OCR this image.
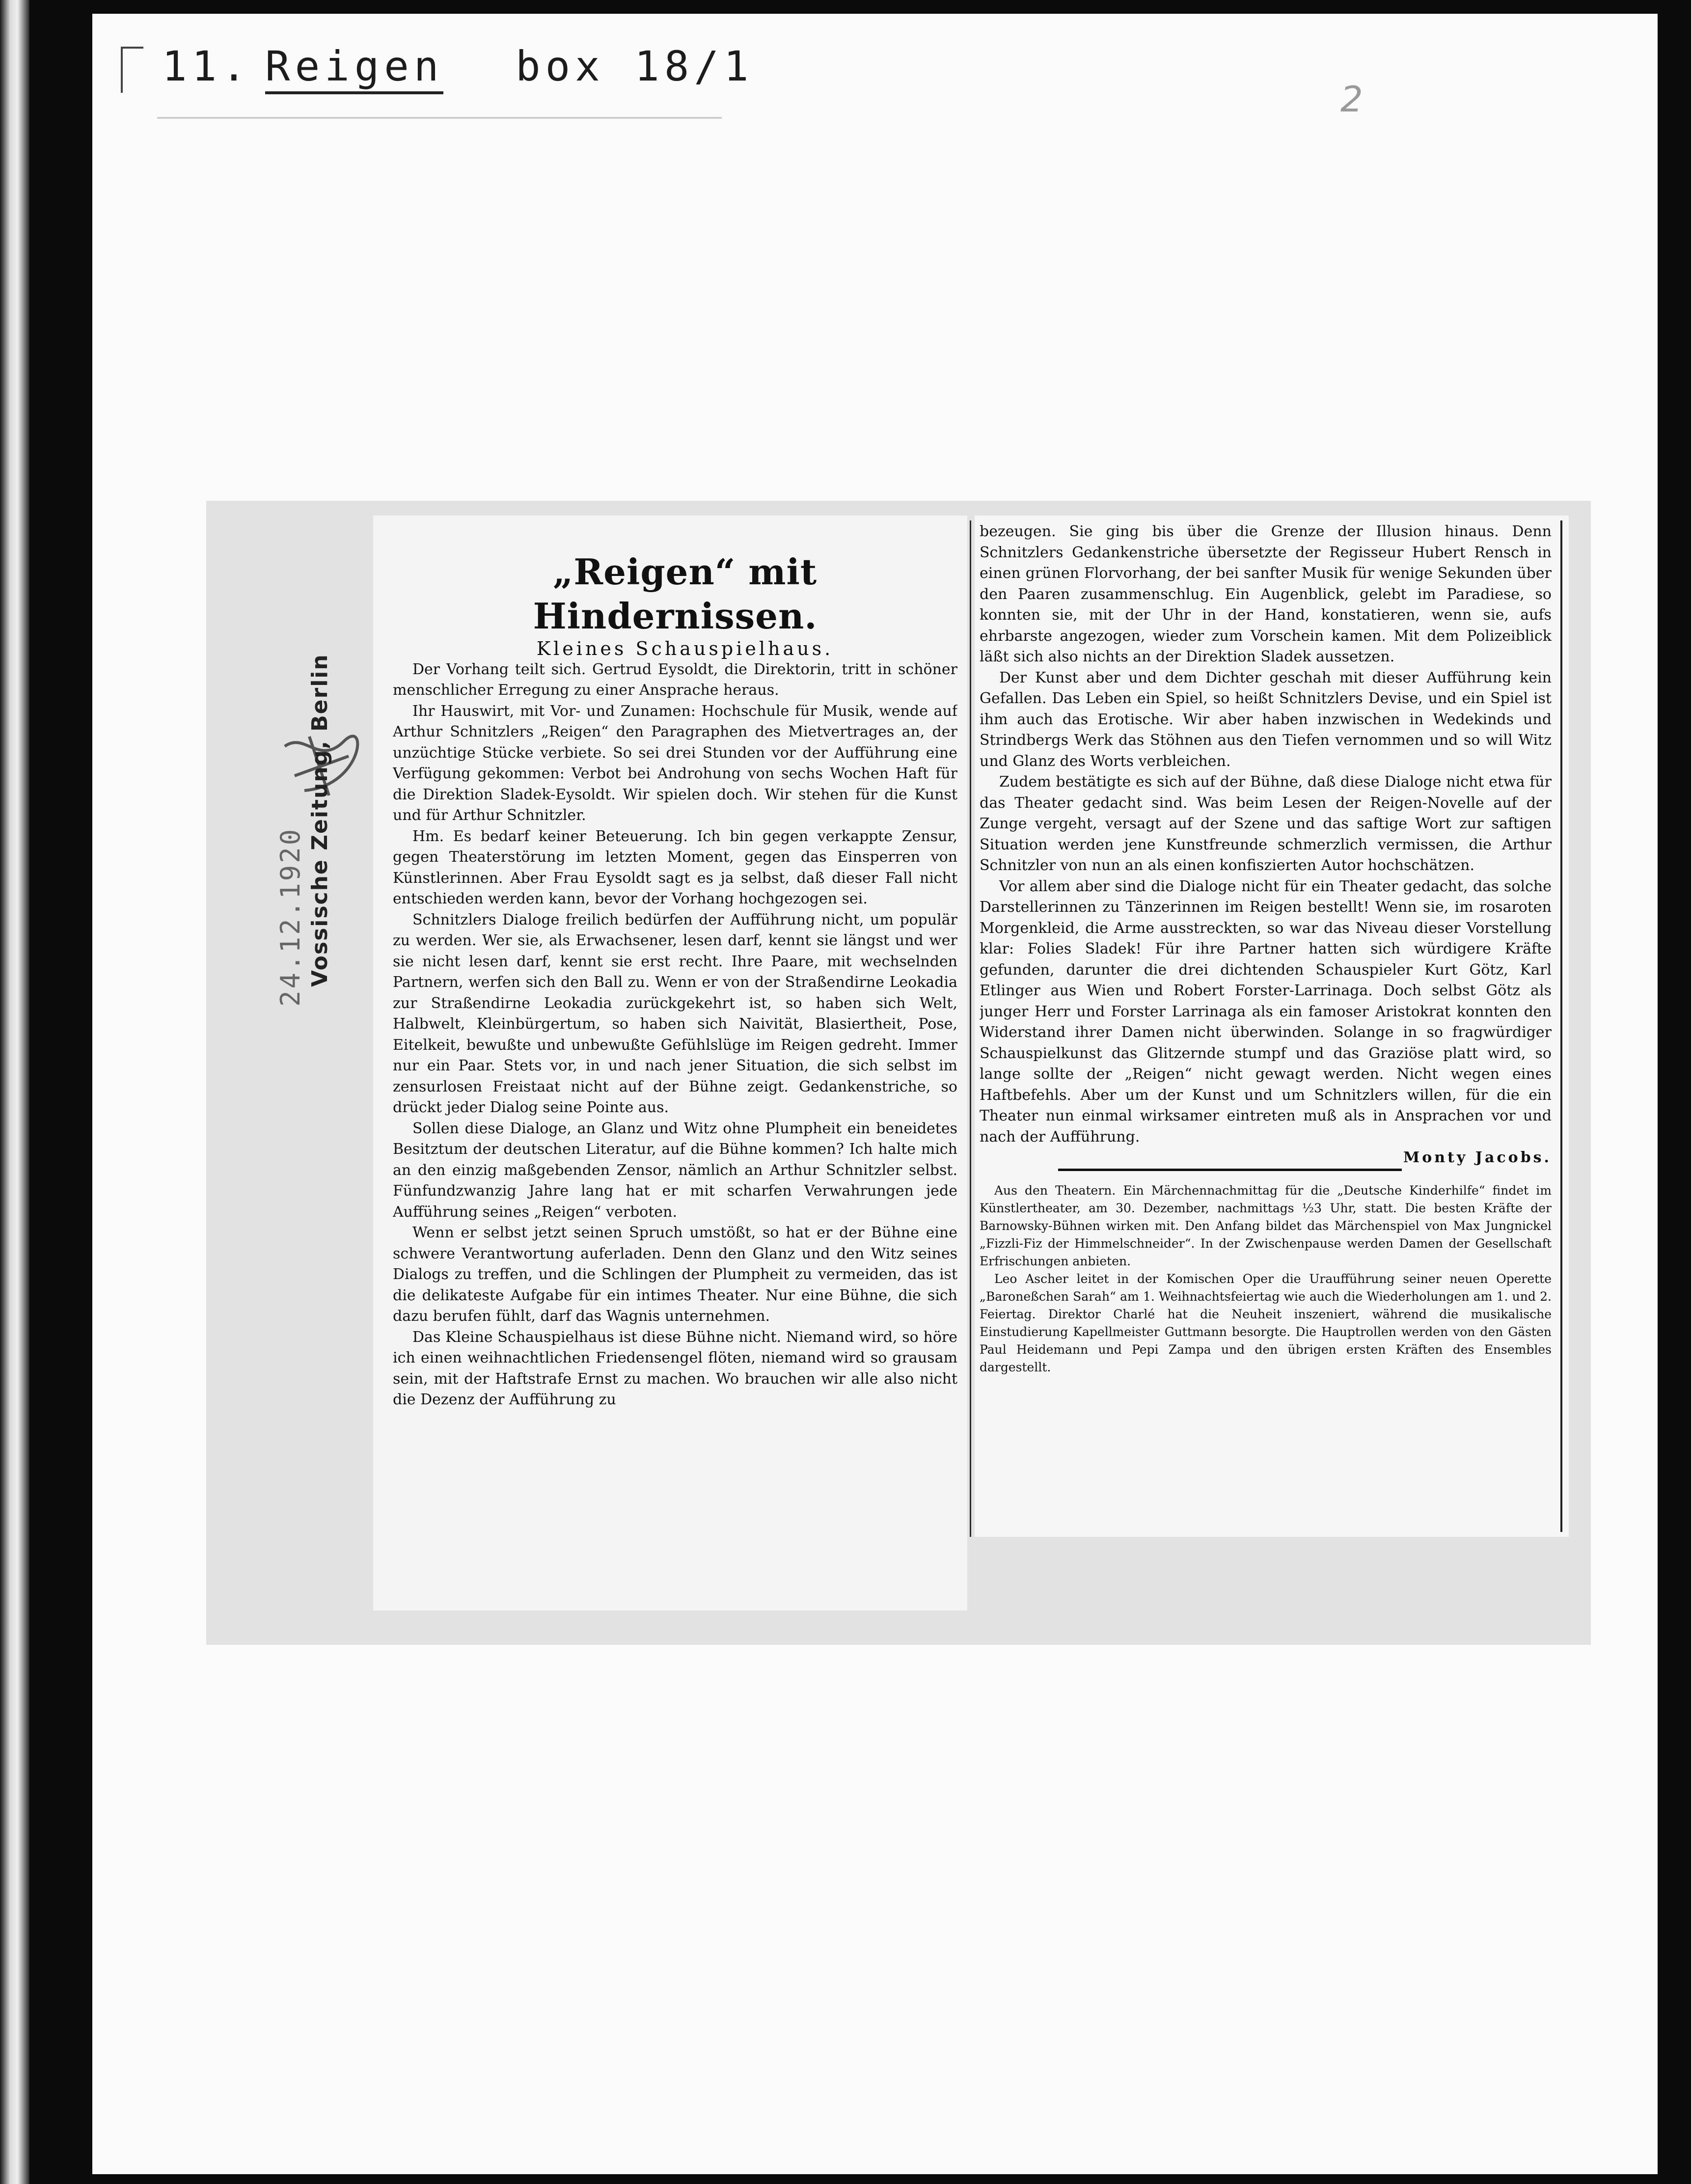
11. Reigen box 18/1
2
24.12.1920 Vossische Zeitung, Berlin

„Reigen“ mit Hindernissen.

Kleines Schauspielhaus.

Der Vorhang teilt sich. Gertrud Eysoldt, die Direktorin, tritt in schöner menschlicher Erregung zu einer Ansprache heraus.

Ihr Hauswirt, mit Vor- und Zunamen: Hochschule für Musik, wende auf Arthur Schnitzlers „Reigen“ den Paragraphen des Mietvertrages an, der unzüchtige Stücke verbiete. So sei drei Stunden vor der Aufführung eine Verfügung gekommen: Verbot bei Androhung von sechs Wochen Haft für die Direktion Sladek-Eysoldt. Wir spielen doch. Wir stehen für die Kunst und für Arthur Schnitzler.

Hm. Es bedarf keiner Beteuerung. Ich bin gegen verkappte Zensur, gegen Theaterstörung im letzten Moment, gegen das Einsperren von Künstlerinnen. Aber Frau Eysoldt sagt es ja selbst, daß dieser Fall nicht entschieden werden kann, bevor der Vorhang hochgezogen sei.

Schnitzlers Dialoge freilich bedürfen der Aufführung nicht, um populär zu werden. Wer sie, als Erwachsener, lesen darf, kennt sie längst und wer sie nicht lesen darf, kennt sie erst recht. Ihre Paare, mit wechselnden Partnern, werfen sich den Ball zu. Wenn er von der Straßendirne Leokadia zur Straßendirne Leokadia zurückgekehrt ist, so haben sich Welt, Halbwelt, Kleinbürgertum, so haben sich Naivität, Blasiertheit, Pose, Eitelkeit, bewußte und unbewußte Gefühlslüge im Reigen gedreht. Immer nur ein Paar. Stets vor, in und nach jener Situation, die sich selbst im zensurlosen Freistaat nicht auf der Bühne zeigt. Gedankenstriche, so drückt jeder Dialog seine Pointe aus.

Sollen diese Dialoge, an Glanz und Witz ohne Plumpheit ein beneidetes Besitztum der deutschen Literatur, auf die Bühne kommen? Ich halte mich an den einzig maßgebenden Zensor, nämlich an Arthur Schnitzler selbst. Fünfundzwanzig Jahre lang hat er mit scharfen Verwahrungen jede Aufführung seines „Reigen“ verboten.

Wenn er selbst jetzt seinen Spruch umstößt, so hat er der Bühne eine schwere Verantwortung auferladen. Denn den Glanz und den Witz seines Dialogs zu treffen, und die Schlingen der Plumpheit zu vermeiden, das ist die delikateste Aufgabe für ein intimes Theater. Nur eine Bühne, die sich dazu berufen fühlt, darf das Wagnis unternehmen.

Das Kleine Schauspielhaus ist diese Bühne nicht. Niemand wird, so höre ich einen weihnachtlichen Friedensengel flöten, niemand wird so grausam sein, mit der Haftstrafe Ernst zu machen. Wo brauchen wir alle also nicht die Dezenz der Aufführung zu

bezeugen. Sie ging bis über die Grenze der Illusion hinaus. Denn Schnitzlers Gedankenstriche übersetzte der Regisseur Hubert Rensch in einen grünen Florvorhang, der bei sanfter Musik für wenige Sekunden über den Paaren zusammenschlug. Ein Augenblick, gelebt im Paradiese, so konnten sie, mit der Uhr in der Hand, konstatieren, wenn sie, aufs ehrbarste angezogen, wieder zum Vorschein kamen. Mit dem Polizeiblick läßt sich also nichts an der Direktion Sladek aussetzen.

Der Kunst aber und dem Dichter geschah mit dieser Aufführung kein Gefallen. Das Leben ein Spiel, so heißt Schnitzlers Devise, und ein Spiel ist ihm auch das Erotische. Wir aber haben inzwischen in Wedekinds und Strindbergs Werk das Stöhnen aus den Tiefen vernommen und so will Witz und Glanz des Worts verbleichen.

Zudem bestätigte es sich auf der Bühne, daß diese Dialoge nicht etwa für das Theater gedacht sind. Was beim Lesen der Reigen-Novelle auf der Zunge vergeht, versagt auf der Szene und das saftige Wort zur saftigen Situation werden jene Kunstfreunde schmerzlich vermissen, die Arthur Schnitzler von nun an als einen konfiszierten Autor hochschätzen.

Vor allem aber sind die Dialoge nicht für ein Theater gedacht, das solche Darstellerinnen zu Tänzerinnen im Reigen bestellt! Wenn sie, im rosaroten Morgenkleid, die Arme ausstreckten, so war das Niveau dieser Vorstellung klar: Folies Sladek! Für ihre Partner hatten sich würdigere Kräfte gefunden, darunter die drei dichtenden Schauspieler Kurt Götz, Karl Etlinger aus Wien und Robert Forster-Larrinaga. Doch selbst Götz als junger Herr und Forster Larrinaga als ein famoser Aristokrat konnten den Widerstand ihrer Damen nicht überwinden. Solange in so fragwürdiger Schauspielkunst das Glitzernde stumpf und das Graziöse platt wird, so lange sollte der „Reigen“ nicht gewagt werden. Nicht wegen eines Haftbefehls. Aber um der Kunst und um Schnitzlers willen, für die ein Theater nun einmal wirksamer eintreten muß als in Ansprachen vor und nach der Aufführung.

Monty Jacobs.

Aus den Theatern. Ein Märchennachmittag für die „Deutsche Kinderhilfe“ findet im Künstlertheater, am 30. Dezember, nachmittags ½3 Uhr, statt. Die besten Kräfte der Barnowsky-Bühnen wirken mit. Den Anfang bildet das Märchenspiel von Max Jungnickel „Fizzli-Fiz der Himmelschneider“. In der Zwischenpause werden Damen der Gesellschaft Erfrischungen anbieten.

Leo Ascher leitet in der Komischen Oper die Uraufführung seiner neuen Operette „Baroneßchen Sarah“ am 1. Weihnachtsfeiertag wie auch die Wiederholungen am 1. und 2. Feiertag. Direktor Charlé hat die Neuheit inszeniert, während die musikalische Einstudierung Kapellmeister Guttmann besorgte. Die Hauptrollen werden von den Gästen Paul Heidemann und Pepi Zampa und den übrigen ersten Kräften des Ensembles dargestellt.
